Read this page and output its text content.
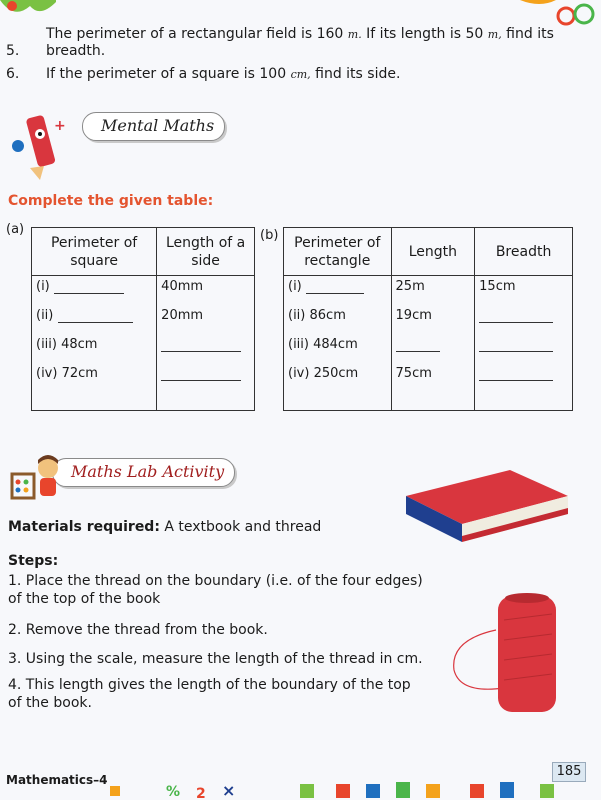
5.The perimeter of a rectangular field is 160 m. If its length is 50 m, find its breadth.
6. If the perimeter of a square is 100 cm, find its side.
+	Mental Maths
Complete the given table:
(a)
Perimeter of square	Length of a side
(i)	40mm
(ii)	20mm
(iii) 48cm	
(iv) 72cm	
(b) Perimeter of rectangle	Length	Breadth
(i)	25m	15cm
(ii) 86cm	19cm	
(iii) 484cm		
(iv) 250cm	75cm	
Maths Lab Activity
Materials required: A textbook and thread
Steps:
1. Place the thread on the boundary (i.e. of the four edges) of the top of the book
2. Remove the thread from the book.
3. Using the scale, measure the length of the thread in cm.
4. This length gives the length of the boundary of the top of the book.
Mathematics–4
185
% 2 ×
